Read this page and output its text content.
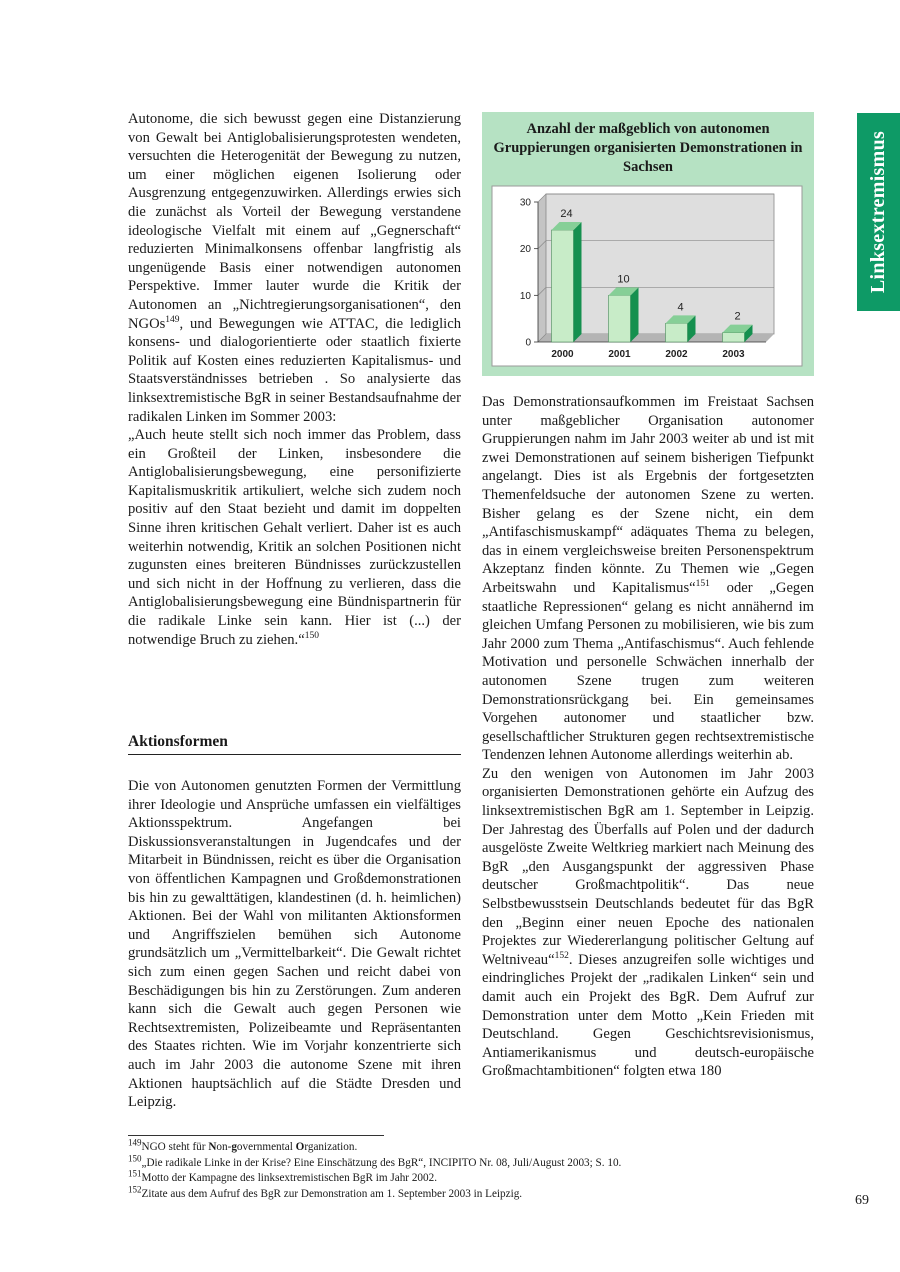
Linksextremismus
Anzahl der maßgeblich von autonomen Gruppierungen organisierten Demonstrationen in Sachsen
0
10
20
30
24
2000
10
2001
4
2002
2
2003

Autonome, die sich bewusst gegen eine Distanzierung von Gewalt bei Antiglobalisierungsprotesten wendeten, versuchten die Heterogenität der Bewegung zu nutzen, um einer möglichen eigenen Isolierung oder Ausgrenzung entgegenzuwirken. Allerdings erwies sich die zunächst als Vorteil der Bewegung verstandene ideologische Vielfalt mit einem auf „Gegnerschaft“ reduzierten Minimalkonsens offenbar langfristig als ungenügende Basis einer notwendigen autonomen Perspektive. Immer lauter wurde die Kritik der Autonomen an „Nichtregierungsorganisationen“, den NGOs$^{149}$, und Bewegungen wie ATTAC, die lediglich konsens- und dialogorientierte oder staatlich fixierte Politik auf Kosten eines reduzierten Kapitalismus- und Staatsverständnisses betrieben . So analysierte das linksextremistische BgR in seiner Bestandsaufnahme der radikalen Linken im Sommer 2003:

„Auch heute stellt sich noch immer das Problem, dass ein Großteil der Linken, insbesondere die Antiglobalisierungsbewegung, eine personifizierte Kapitalismuskritik artikuliert, welche sich zudem noch positiv auf den Staat bezieht und damit im doppelten Sinne ihren kritischen Gehalt verliert. Daher ist es auch weiterhin notwendig, Kritik an solchen Positionen nicht zugunsten eines breiteren Bündnisses zurückzustellen und sich nicht in der Hoffnung zu verlieren, dass die Antiglobalisierungsbewegung eine Bündnispartnerin für die radikale Linke sein kann. Hier ist (...) der notwendige Bruch zu ziehen.“$^{150}$

Aktionsformen

Die von Autonomen genutzten Formen der Vermittlung ihrer Ideologie und Ansprüche umfassen ein vielfältiges Aktionsspektrum. Angefangen bei Diskussionsveranstaltungen in Jugendcafes und der Mitarbeit in Bündnissen, reicht es über die Organisation von öffentlichen Kampagnen und Großdemonstrationen bis hin zu gewalttätigen, klandestinen (d. h. heimlichen) Aktionen. Bei der Wahl von militanten Aktionsformen und Angriffszielen bemühen sich Autonome grundsätzlich um „Vermittelbarkeit“. Die Gewalt richtet sich zum einen gegen Sachen und reicht dabei von Beschädigungen bis hin zu Zerstörungen. Zum anderen kann sich die Gewalt auch gegen Personen wie Rechtsextremisten, Polizeibeamte und Repräsentanten des Staates richten. Wie im Vorjahr konzentrierte sich auch im Jahr 2003 die autonome Szene mit ihren Aktionen hauptsächlich auf die Städte Dresden und Leipzig.

Das Demonstrationsaufkommen im Freistaat Sachsen unter maßgeblicher Organisation autonomer Gruppierungen nahm im Jahr 2003 weiter ab und ist mit zwei Demonstrationen auf seinem bisherigen Tiefpunkt angelangt. Dies ist als Ergebnis der fortgesetzten Themenfeldsuche der autonomen Szene zu werten. Bisher gelang es der Szene nicht, ein dem „Antifaschismuskampf“ adäquates Thema zu belegen, das in einem vergleichsweise breiten Personenspektrum Akzeptanz finden könnte. Zu Themen wie „Gegen Arbeitswahn und Kapitalismus“$^{151}$ oder „Gegen staatliche Repressionen“ gelang es nicht annähernd im gleichen Umfang Personen zu mobilisieren, wie bis zum Jahr 2000 zum Thema „Antifaschismus“. Auch fehlende Motivation und personelle Schwächen innerhalb der autonomen Szene trugen zum weiteren Demonstrationsrückgang bei. Ein gemeinsames Vorgehen autonomer und staatlicher bzw. gesellschaftlicher Strukturen gegen rechtsextremistische Tendenzen lehnen Autonome allerdings weiterhin ab.

Zu den wenigen von Autonomen im Jahr 2003 organisierten Demonstrationen gehörte ein Aufzug des linksextremistischen BgR am 1. September in Leipzig. Der Jahrestag des Überfalls auf Polen und der dadurch ausgelöste Zweite Weltkrieg markiert nach Meinung des BgR „den Ausgangspunkt der aggressiven Phase deutscher Großmachtpolitik“. Das neue Selbstbewusstsein Deutschlands bedeutet für das BgR den „Beginn einer neuen Epoche des nationalen Projektes zur Wiedererlangung politischer Geltung auf Weltniveau“$^{152}$. Dieses anzugreifen solle wichtiges und eindringliches Projekt der „radikalen Linken“ sein und damit auch ein Projekt des BgR. Dem Aufruf zur Demonstration unter dem Motto „Kein Frieden mit Deutschland. Gegen Geschichtsrevisionismus, Antiamerikanismus und deutsch-europäische Großmachtambitionen“ folgten etwa 180

$^{149}$NGO steht für Non-governmental Organization.
$^{150}$„Die radikale Linke in der Krise? Eine Einschätzung des BgR“, INCIPITO Nr. 08, Juli/August 2003; S. 10.
$^{151}$Motto der Kampagne des linksextremistischen BgR im Jahr 2002.
$^{152}$Zitate aus dem Aufruf des BgR zur Demonstration am 1. September 2003 in Leipzig.	69
